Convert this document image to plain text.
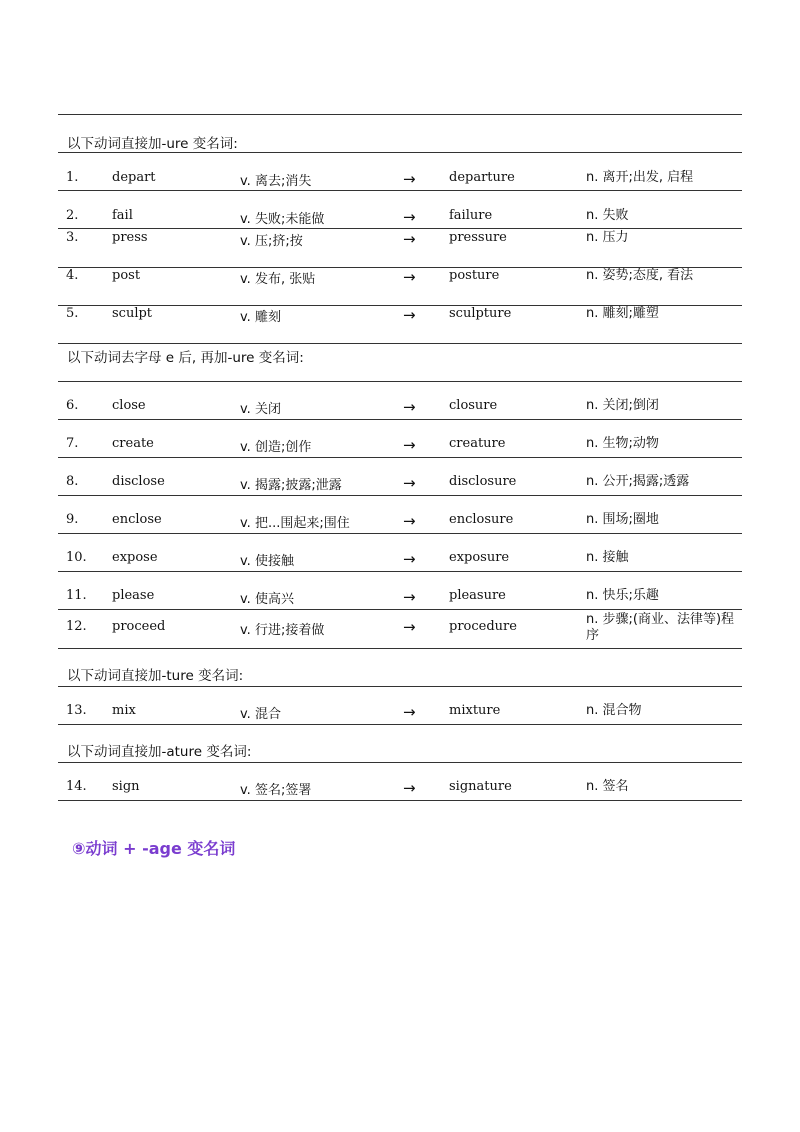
以下动词直接加-ure 变名词:
1.	depart	v. 离去;消失	→	departure	n. 离开;出发, 启程
2.	fail	v. 失败;未能做	→	failure	n. 失败
3.	press	v. 压;挤;按	→	pressure	n. 压力
4.	post	v. 发布, 张贴	→	posture	n. 姿势;态度, 看法
5.	sculpt	v. 雕刻	→	sculpture	n. 雕刻;雕塑
以下动词去字母 e 后, 再加-ure 变名词:
6.	close	v. 关闭	→	closure	n. 关闭;倒闭
7.	create	v. 创造;创作	→	creature	n. 生物;动物
8.	disclose	v. 揭露;披露;泄露	→	disclosure	n. 公开;揭露;透露
9.	enclose	v. 把...围起来;围住	→	enclosure	n. 围场;圈地
10. expose	v. 使接触	→	exposure	n. 接触
11. please	v. 使高兴	→	pleasure	n. 快乐;乐趣
12. proceed	v. 行进;接着做	→	procedure	n. 步骤;(商业、法律等)程序
以下动词直接加-ture 变名词:
13. mix	v. 混合	→	mixture	n. 混合物
以下动词直接加-ature 变名词:
14. sign	v. 签名;签署	→	signature	n. 签名
⑨动词 + -age 变名词
